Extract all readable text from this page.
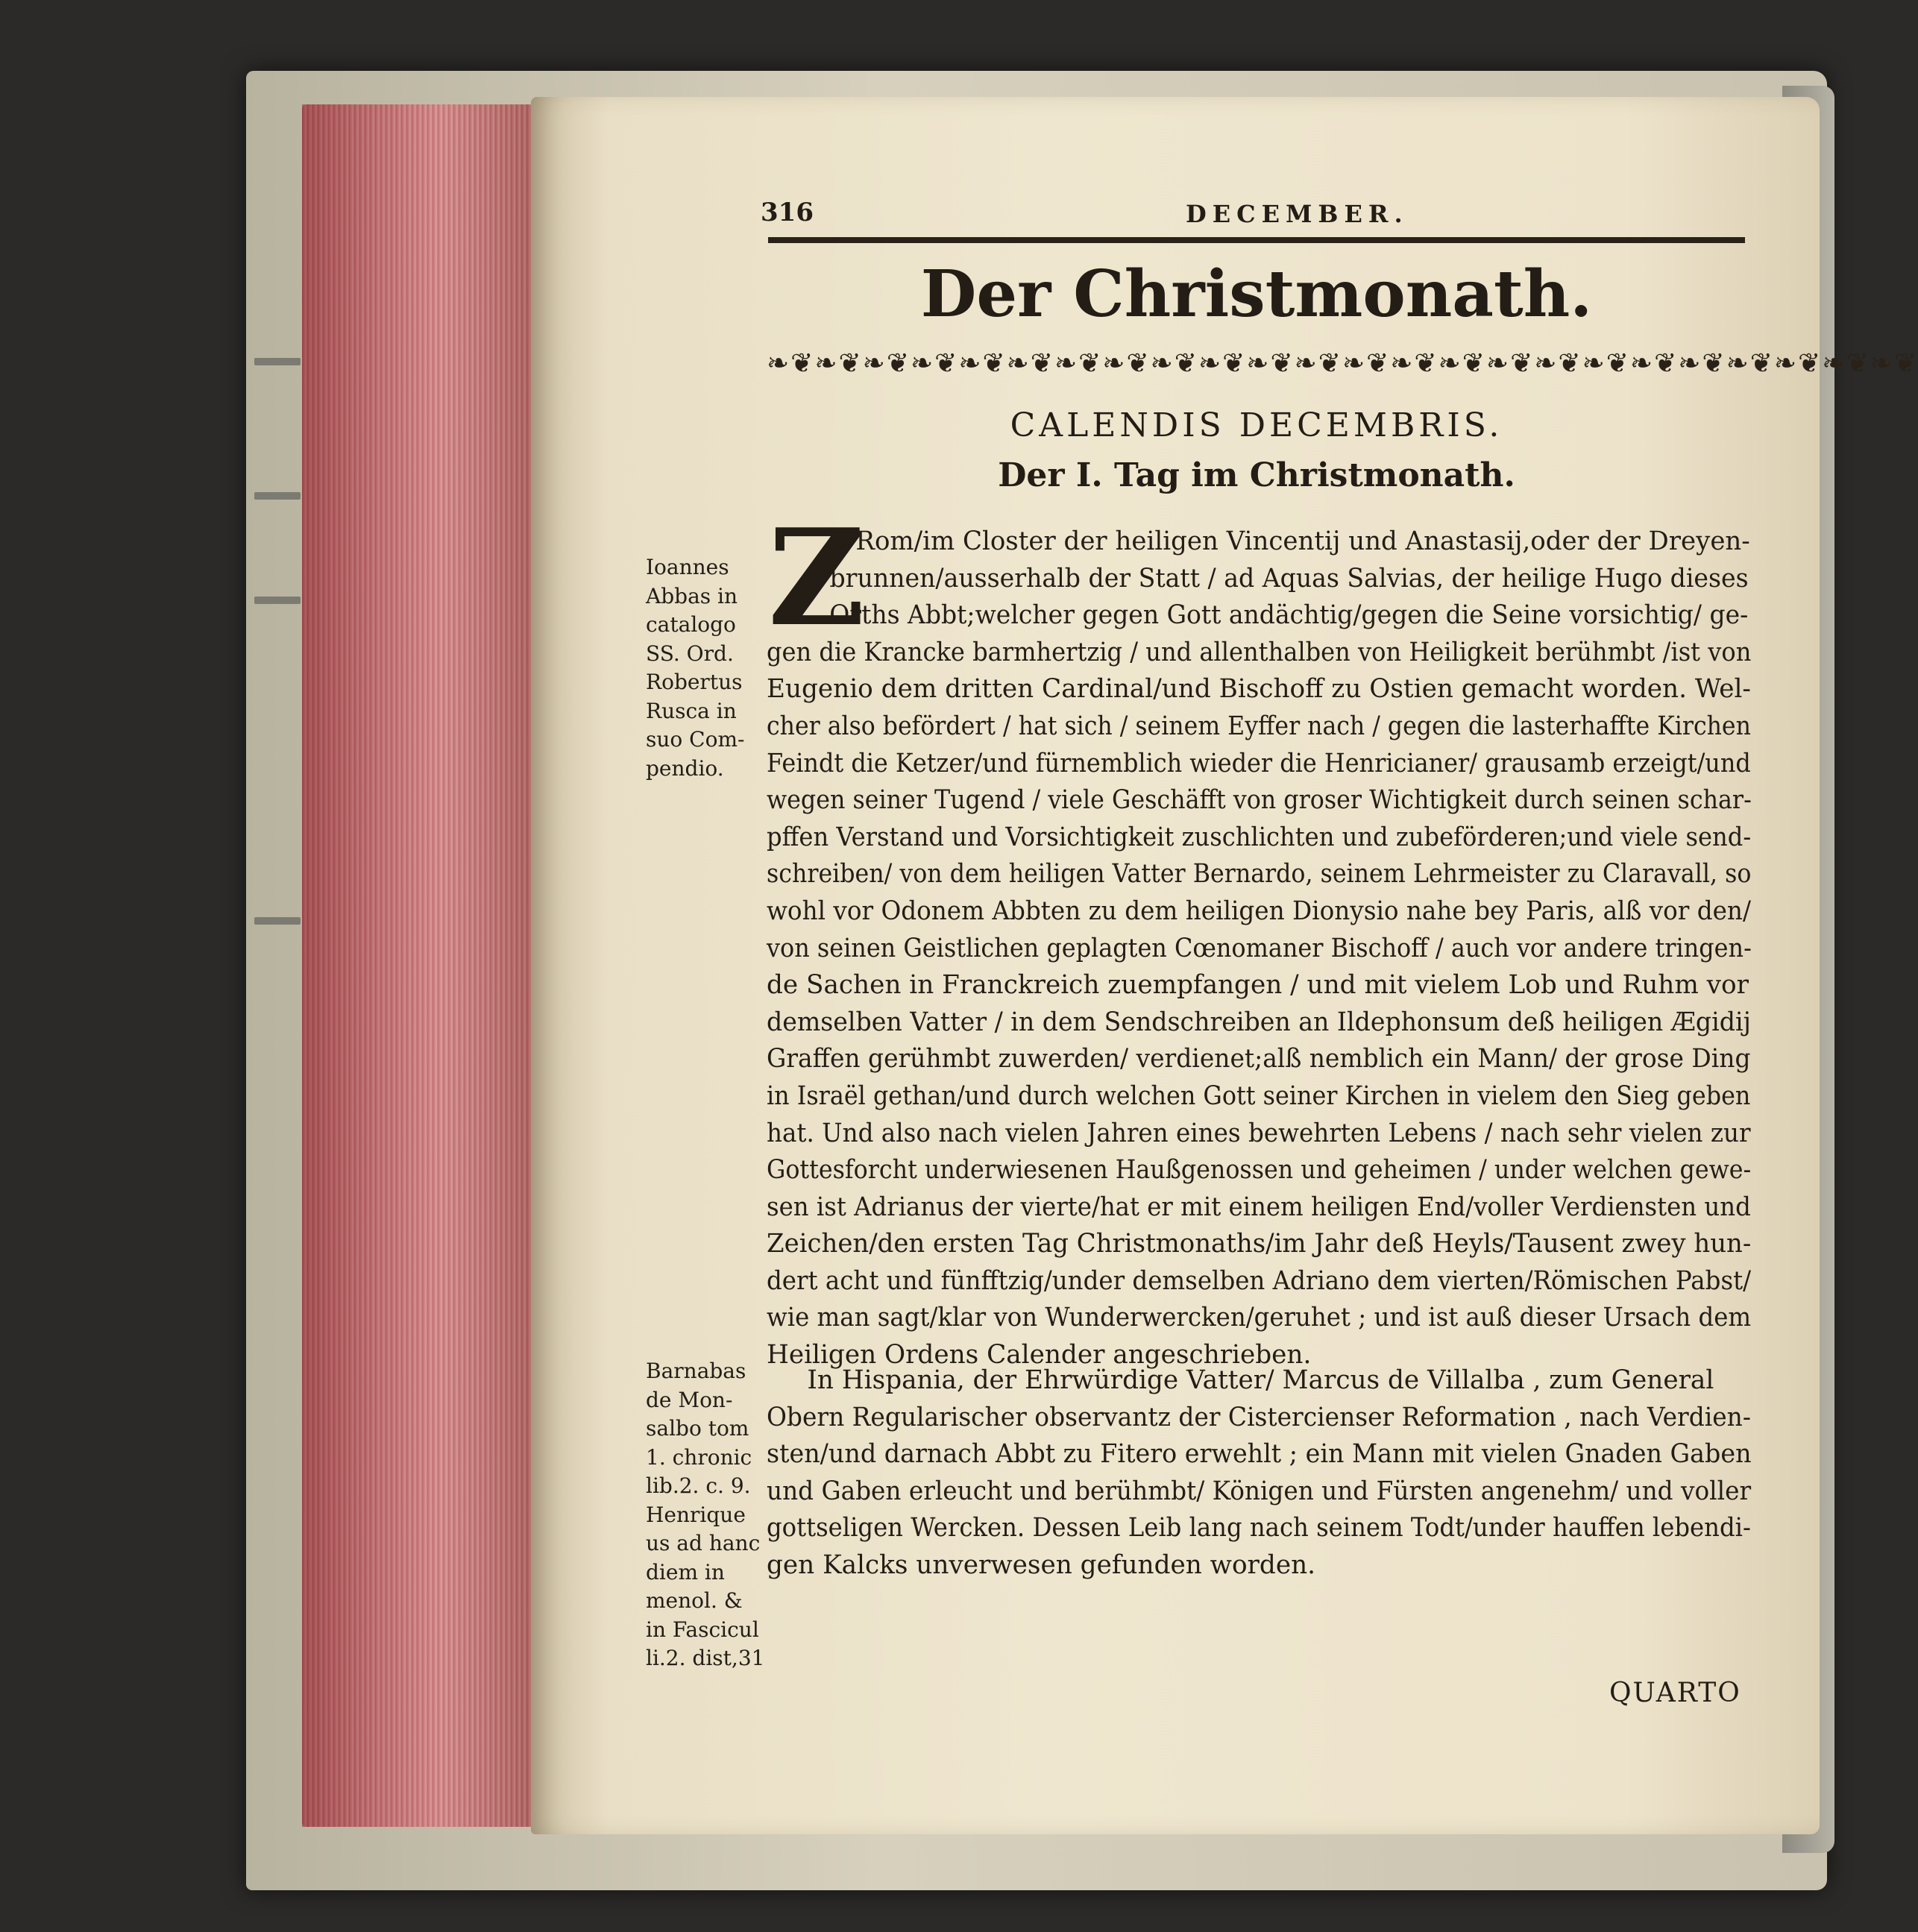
316	DECEMBER.
Der Christmonath.
❧❦❧❦❧❦❧❦❧❦❧❦❧❦❧❦ ❧❦❧❦❧❦❧❦❧❦❧❦❧❦❧❦ ❧❦❧❦❧❦❧❦❧❦❧❦❧❦❧❦
CALENDIS DECEMBRIS.
Der I. Tag im Christmonath.
Z
u Rom/im Closter der heiligen Vincentij und Anastasij,oder der Dreyen-
brunnen/ausserhalb der Statt / ad Aquas Salvias, der heilige Hugo dieses
Orths Abbt;welcher gegen Gott andächtig/gegen die Seine vorsichtig/ ge-
gen die Krancke barmhertzig / und allenthalben von Heiligkeit berühmbt /ist von
Eugenio dem dritten Cardinal/und Bischoff zu Ostien gemacht worden. Wel-
cher also befördert / hat sich / seinem Eyffer nach / gegen die lasterhaffte Kirchen
Feindt die Ketzer/und fürnemblich wieder die Henricianer/ grausamb erzeigt/und
wegen seiner Tugend / viele Geschäfft von groser Wichtigkeit durch seinen schar-
pffen Verstand und Vorsichtigkeit zuschlichten und zubeförderen;und viele send-
schreiben/ von dem heiligen Vatter Bernardo, seinem Lehrmeister zu Claravall, so
wohl vor Odonem Abbten zu dem heiligen Dionysio nahe bey Paris, alß vor den/
von seinen Geistlichen geplagten Cœnomaner Bischoff / auch vor andere tringen-
de Sachen in Franckreich zuempfangen / und mit vielem Lob und Ruhm vor
demselben Vatter / in dem Sendschreiben an Ildephonsum deß heiligen Ægidij
Graffen gerühmbt zuwerden/ verdienet;alß nemblich ein Mann/ der grose Ding
in Israël gethan/und durch welchen Gott seiner Kirchen in vielem den Sieg geben
hat. Und also nach vielen Jahren eines bewehrten Lebens / nach sehr vielen zur
Gottesforcht underwiesenen Haußgenossen und geheimen / under welchen gewe-
sen ist Adrianus der vierte/hat er mit einem heiligen End/voller Verdiensten und
Zeichen/den ersten Tag Christmonaths/im Jahr deß Heyls/Tausent zwey hun-
dert acht und fünfftzig/under demselben Adriano dem vierten/Römischen Pabst/
wie man sagt/klar von Wunderwercken/geruhet ; und ist auß dieser Ursach dem
Heiligen Ordens Calender angeschrieben.
In Hispania, der Ehrwürdige Vatter/ Marcus de Villalba , zum General
Obern Regularischer observantz der Cistercienser Reformation , nach Verdien-
sten/und darnach Abbt zu Fitero erwehlt ; ein Mann mit vielen Gnaden Gaben
und Gaben erleucht und berühmbt/ Königen und Fürsten angenehm/ und voller
gottseligen Wercken. Dessen Leib lang nach seinem Todt/under hauffen lebendi-
gen Kalcks unverwesen gefunden worden.
Ioannes
Abbas in
catalogo
SS. Ord.
Robertus
Rusca in
suo Com-
pendio.
Barnabas
de Mon-
salbo tom
1. chronic
lib.2. c. 9.
Henrique
us ad hanc
diem in
menol. &
in Fascicul
li.2. dist,31
QUARTO
